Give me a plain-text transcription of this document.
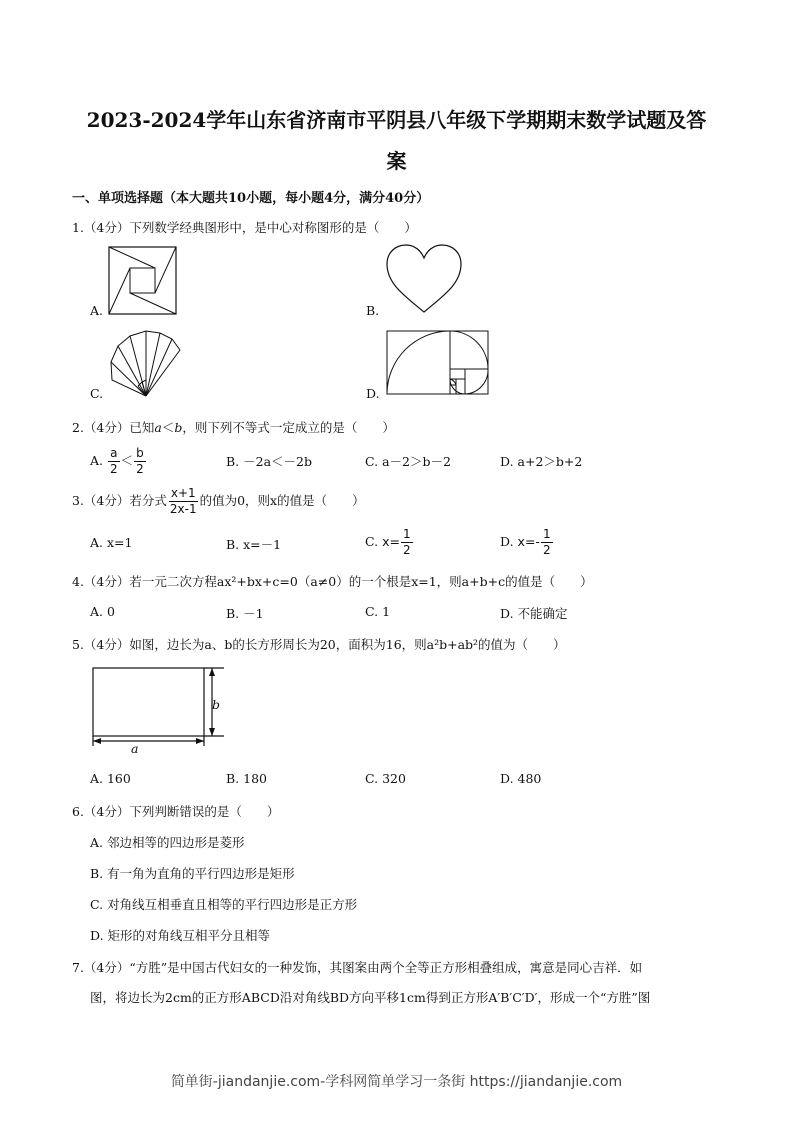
2023-2024学年山东省济南市平阴县八年级下学期期末数学试题及答
案
一、单项选择题（本大题共10小题，每小题4分，满分40分）
1.（4分）下列数学经典图形中，是中心对称图形的是（　　）
A.	B.
C.	D.
2.（4分）已知a＜b，则下列不等式一定成立的是（　　）
A. $\frac{a}{2} < \frac{b}{2}$	B. －2a＜－2b	C. a－2＞b－2	D. a+2＞b+2
3.（4分）若分式 $\frac{x+1}{2x-1}$ 的值为0，则x的值是（　　）
A. x=1	B. x=－1	C. $x= \frac{1}{2}$	D. $x=- \frac{1}{2}$
4.（4分）若一元二次方程ax²+bx+c=0（a≠0）的一个根是x=1，则a+b+c的值是（　　）
A. 0	B. －1	C. 1	D. 不能确定
5.（4分）如图，边长为a、b的长方形周长为20，面积为16，则a²b+ab²的值为（　　）
a
b
A. 160	B. 180	C. 320	D. 480
6.（4分）下列判断错误的是（　　）
A. 邻边相等的四边形是菱形
B. 有一角为直角的平行四边形是矩形
C. 对角线互相垂直且相等的平行四边形是正方形
D. 矩形的对角线互相平分且相等
7.（4分）“方胜”是中国古代妇女的一种发饰，其图案由两个全等正方形相叠组成，寓意是同心吉祥．如
图，将边长为2cm的正方形ABCD沿对角线BD方向平移1cm得到正方形A′B′C′D′，形成一个“方胜”图
简单街-jiandanjie.com-学科网简单学习一条街 https://jiandanjie.com
